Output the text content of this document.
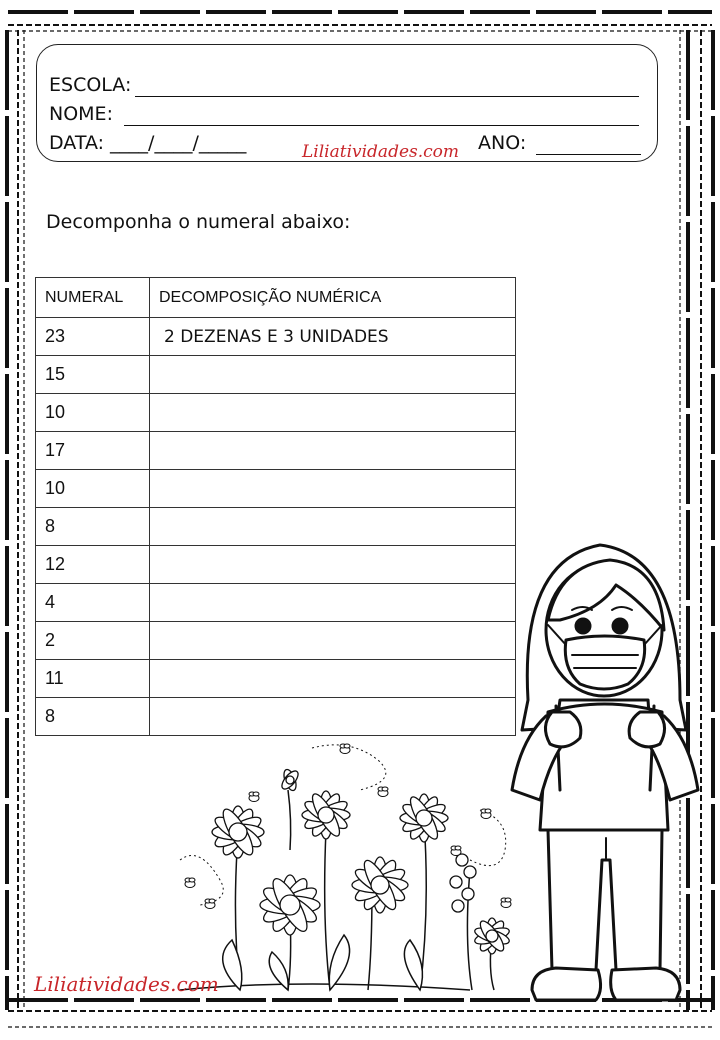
ESCOLA:
NOME:
DATA: ____/____/_____	Liliatividades.com ANO:
Decomponha o numeral abaixo:
NUMERAL	DECOMPOSIÇÃO NUMÉRICA
23	2 DEZENAS E 3 UNIDADES
15	
10	
17	
10	
8	
12	
4	
2	
11	
8	
Liliatividades.com
